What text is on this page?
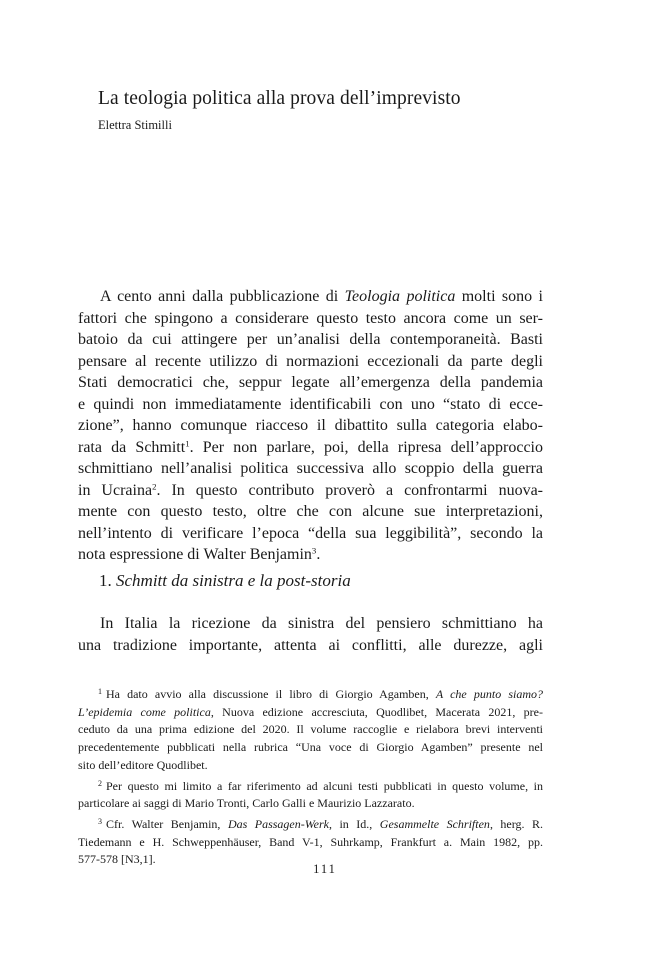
La teologia politica alla prova dell’imprevisto
Elettra Stimilli
A cento anni dalla pubblicazione di Teologia politica molti sono i
fattori che spingono a considerare questo testo ancora come un ser-
batoio da cui attingere per un’analisi della contemporaneità. Basti
pensare al recente utilizzo di normazioni eccezionali da parte degli
Stati democratici che, seppur legate all’emergenza della pandemia
e quindi non immediatamente identificabili con uno “stato di ecce-
zione”, hanno comunque riacceso il dibattito sulla categoria elabo-
rata da Schmitt$^1$. Per non parlare, poi, della ripresa dell’approccio
schmittiano nell’analisi politica successiva allo scoppio della guerra
in Ucraina$^2$. In questo contributo proverò a confrontarmi nuova-
mente con questo testo, oltre che con alcune sue interpretazioni,
nell’intento di verificare l’epoca “della sua leggibilità”, secondo la
nota espressione di Walter Benjamin$^3$.
1. Schmitt da sinistra e la post-storia
In Italia la ricezione da sinistra del pensiero schmittiano ha
una tradizione importante, attenta ai conflitti, alle durezze, agli
$^1$ Ha dato avvio alla discussione il libro di Giorgio Agamben, A che punto siamo?
L’epidemia come politica, Nuova edizione accresciuta, Quodlibet, Macerata 2021, pre-
ceduto da una prima edizione del 2020. Il volume raccoglie e rielabora brevi interventi
precedentemente pubblicati nella rubrica “Una voce di Giorgio Agamben” presente nel
sito dell’editore Quodlibet.
$^2$ Per questo mi limito a far riferimento ad alcuni testi pubblicati in questo volume, in
particolare ai saggi di Mario Tronti, Carlo Galli e Maurizio Lazzarato.
$^3$ Cfr. Walter Benjamin, Das Passagen-Werk, in Id., Gesammelte Schriften, herg. R.
Tiedemann e H. Schweppenhäuser, Band V-1, Suhrkamp, Frankfurt a. Main 1982, pp.
577-578 [N3,1].
111
